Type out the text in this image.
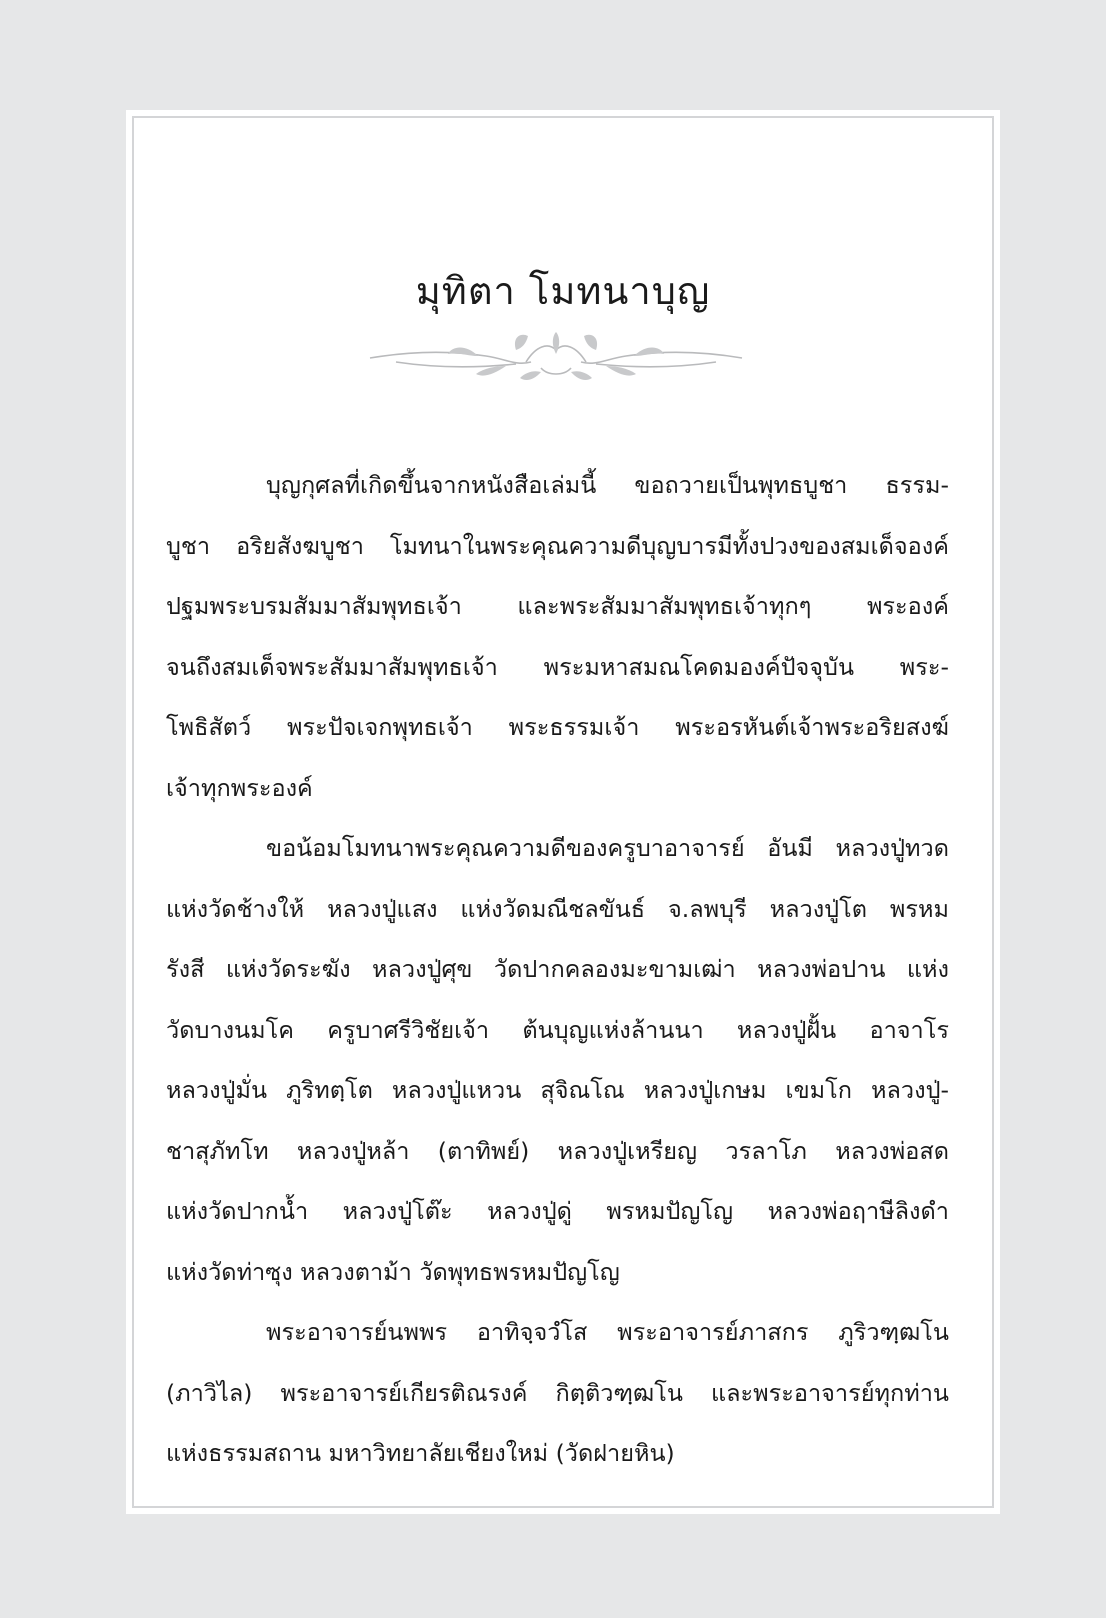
มุทิตา โมทนาบุญ
บุญกุศลที่เกิดขึ้นจากหนังสือเล่มนี้ ขอถวายเป็นพุทธบูชา ธรรม-
บูชา อริยสังฆบูชา โมทนาในพระคุณความดีบุญบารมีทั้งปวงของสมเด็จองค์
ปฐมพระบรมสัมมาสัมพุทธเจ้า และพระสัมมาสัมพุทธเจ้าทุกๆ พระองค์
จนถึงสมเด็จพระสัมมาสัมพุทธเจ้า พระมหาสมณโคดมองค์ปัจจุบัน พระ-
โพธิสัตว์ พระปัจเจกพุทธเจ้า พระธรรมเจ้า พระอรหันต์เจ้าพระอริยสงฆ์
เจ้าทุกพระองค์
ขอน้อมโมทนาพระคุณความดีของครูบาอาจารย์ อันมี หลวงปู่ทวด
แห่งวัดช้างให้ หลวงปู่แสง แห่งวัดมณีชลขันธ์ จ.ลพบุรี หลวงปู่โต พรหม
รังสี แห่งวัดระฆัง หลวงปู่ศุข วัดปากคลองมะขามเฒ่า หลวงพ่อปาน แห่ง
วัดบางนมโค ครูบาศรีวิชัยเจ้า ต้นบุญแห่งล้านนา หลวงปู่ฝั้น อาจาโร
หลวงปู่มั่น ภูริทตฺโต หลวงปู่แหวน สุจิณโณ หลวงปู่เกษม เขมโก หลวงปู่-
ชาสุภัทโท หลวงปู่หล้า (ตาทิพย์) หลวงปู่เหรียญ วรลาโภ หลวงพ่อสด
แห่งวัดปากน้ำ หลวงปู่โต๊ะ หลวงปู่ดู่ พรหมปัญโญ หลวงพ่อฤาษีลิงดำ
แห่งวัดท่าซุง หลวงตาม้า วัดพุทธพรหมปัญโญ
พระอาจารย์นพพร อาทิจฺจวํโส พระอาจารย์ภาสกร ภูริวฑฺฒโน
(ภาวิไล) พระอาจารย์เกียรติณรงค์ กิตฺติวฑฺฒโน และพระอาจารย์ทุกท่าน
แห่งธรรมสถาน มหาวิทยาลัยเชียงใหม่ (วัดฝายหิน)
